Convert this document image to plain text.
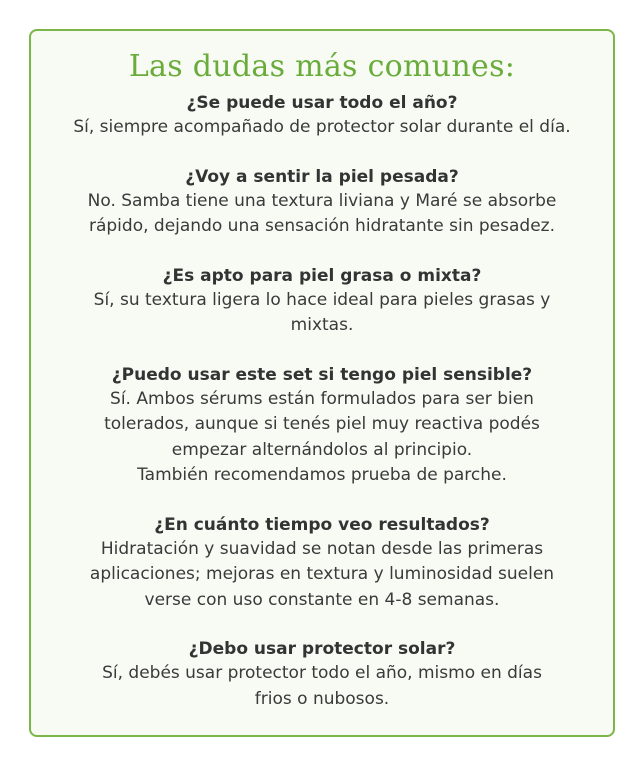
Las dudas más comunes:
¿Se puede usar todo el año?
Sí, siempre acompañado de protector solar durante el día.
¿Voy a sentir la piel pesada?
No. Samba tiene una textura liviana y Maré se absorbe
rápido, dejando una sensación hidratante sin pesadez.
¿Es apto para piel grasa o mixta?
Sí, su textura ligera lo hace ideal para pieles grasas y
mixtas.
¿Puedo usar este set si tengo piel sensible?
Sí. Ambos sérums están formulados para ser bien
tolerados, aunque si tenés piel muy reactiva podés
empezar alternándolos al principio.
También recomendamos prueba de parche.
¿En cuánto tiempo veo resultados?
Hidratación y suavidad se notan desde las primeras
aplicaciones; mejoras en textura y luminosidad suelen
verse con uso constante en 4-8 semanas.
¿Debo usar protector solar?
Sí, debés usar protector todo el año, mismo en días
frios o nubosos.
